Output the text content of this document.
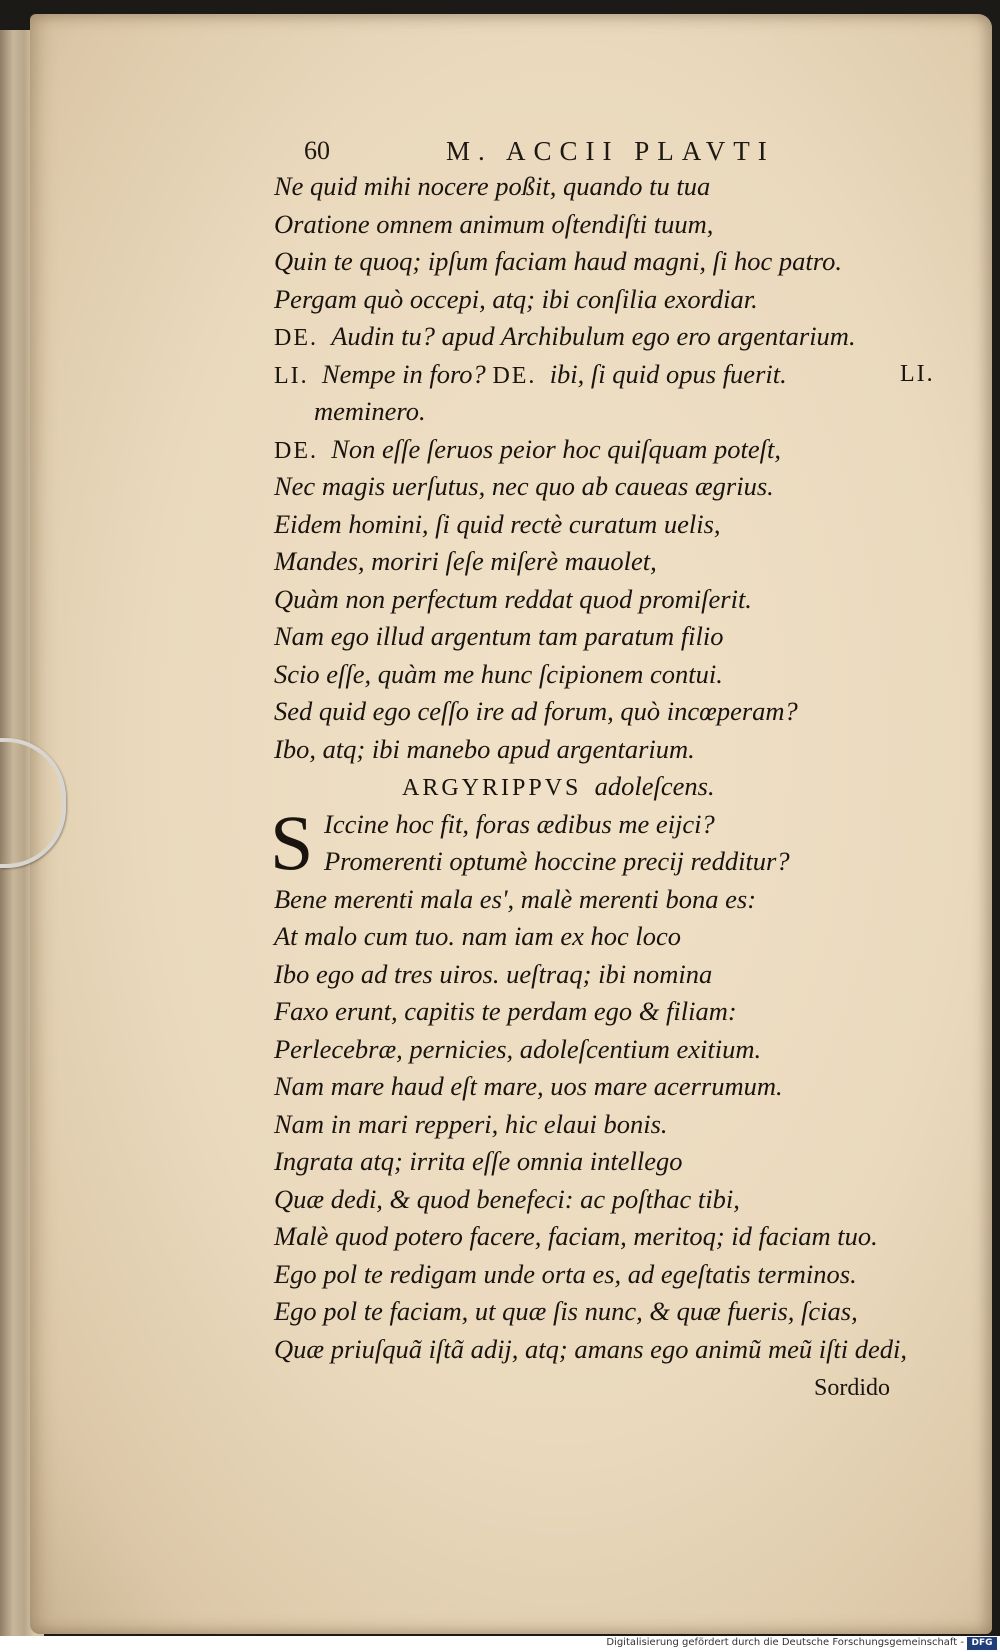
60	M. ACCII PLAVTI
Ne quid mihi nocere poßit, quando tu tua
Oratione omnem animum oſtendiſti tuum,
Quin te quoq; ipſum faciam haud magni, ſi hoc patro.
Pergam quò occepi, atq; ibi conſilia exordiar.
DE. Audin tu? apud Archibulum ego ero argentarium.
LI. Nempe in foro? DE. ibi, ſi quid opus fuerit.	LI.
meminero.
DE. Non eſſe ſeruos peior hoc quiſquam poteſt,
Nec magis uerſutus, nec quo ab caueas ægrius.
Eidem homini, ſi quid rectè curatum uelis,
Mandes, moriri ſeſe miſerè mauolet,
Quàm non perfectum reddat quod promiſerit.
Nam ego illud argentum tam paratum filio
Scio eſſe, quàm me hunc ſcipionem contui.
Sed quid ego ceſſo ire ad forum, quò incœperam?
Ibo, atq; ibi manebo apud argentarium.
ARGYRIPPVS adoleſcens.
S Iccine hoc fit, foras ædibus me eijci?
Promerenti optumè hoccine precij redditur?
Bene merenti mala es', malè merenti bona es:
At malo cum tuo. nam iam ex hoc loco
Ibo ego ad tres uiros. ueſtraq; ibi nomina
Faxo erunt, capitis te perdam ego & filiam:
Perlecebræ, pernicies, adoleſcentium exitium.
Nam mare haud eſt mare, uos mare acerrumum.
Nam in mari repperi, hic elaui bonis.
Ingrata atq; irrita eſſe omnia intellego
Quæ dedi, & quod benefeci: ac poſthac tibi,
Malè quod potero facere, faciam, meritoq; id faciam tuo.
Ego pol te redigam unde orta es, ad egeſtatis terminos.
Ego pol te faciam, ut quæ ſis nunc, & quæ fueris, ſcias,
Quæ priuſquã iſtã adij, atq; amans ego animũ meũ iſti dedi,
Sordido
Digitalisierung gefördert durch die Deutsche Forschungsgemeinschaft - DFG
